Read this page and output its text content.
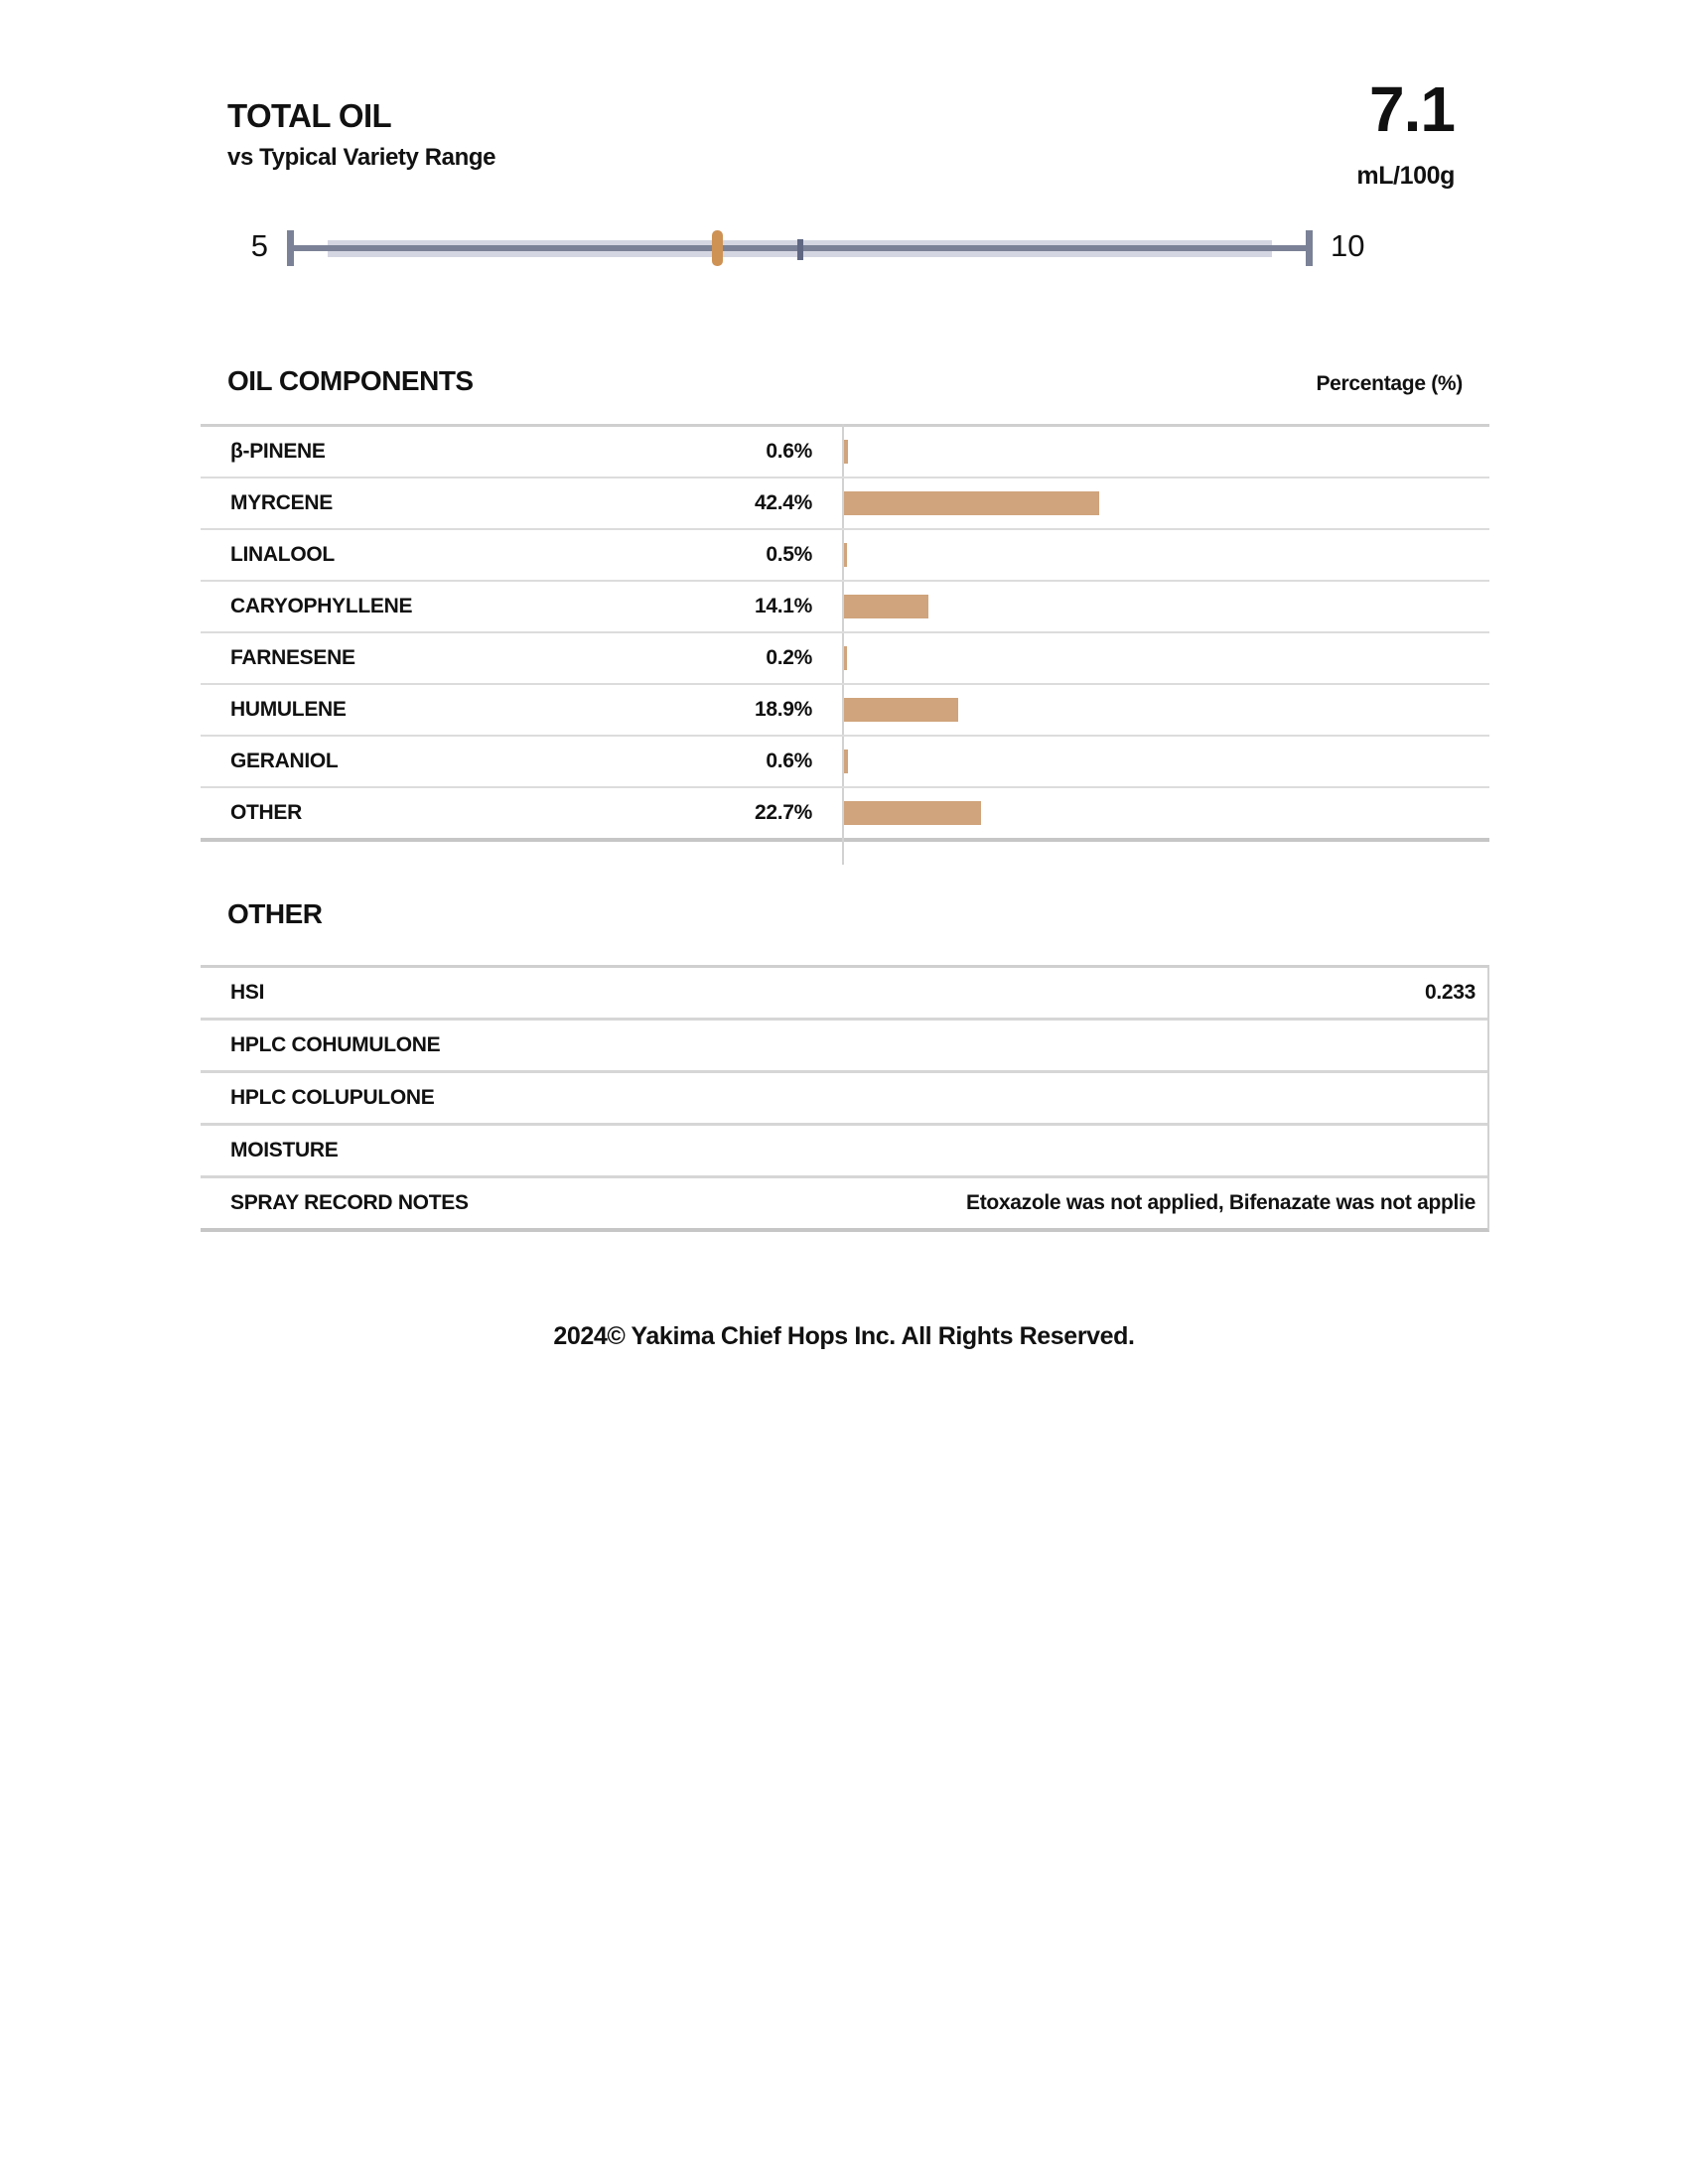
TOTAL OIL
vs Typical Variety Range
7.1
mL/100g
5	10
OIL COMPONENTS	Percentage (%)
β-PINENE	0.6%
MYRCENE	42.4%
LINALOOL	0.5%
CARYOPHYLLENE	14.1%
FARNESENE	0.2%
HUMULENE	18.9%
GERANIOL	0.6%
OTHER	22.7%
OTHER
HSI	0.233
HPLC COHUMULONE
HPLC COLUPULONE
MOISTURE
SPRAY RECORD NOTES	Etoxazole was not applied, Bifenazate was not applie
2024© Yakima Chief Hops Inc. All Rights Reserved.
